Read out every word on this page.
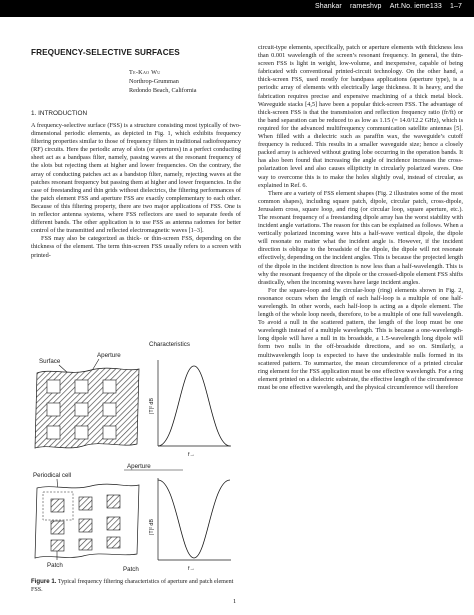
Shankar rameshvp Art.No. ieme133 1–7
FREQUENCY-SELECTIVE SURFACES
Te-Kao Wu
Northrop-Grumman
Redondo Beach, California
1. INTRODUCTION

A frequency-selective surface (FSS) is a structure consisting most typically of two-dimensional periodic elements, as depicted in Fig. 1, which exhibits frequency filtering properties similar to those of frequency filters in traditional radiofrequency (RF) circuits. Here the periodic array of slots (or apertures) in a perfect conducting sheet act as a bandpass filter, namely, passing waves at the resonant frequency of the slots but rejecting them at higher and lower frequencies. On the contrary, the array of conducting patches act as a bandstop filter, namely, rejecting waves at the patches resonant frequency but passing them at higher and lower frequencies. In the case of freestanding and thin grids without dielectrics, the filtering performances of the patch element FSS and aperture FSS are exactly complementary to each other. Because of this filtering property, there are two major applications of FSS. One is in reflector antenna systems, where FSS reflectors are used to separate feeds of different bands. The other application is to use FSS as antenna radomes for better control of the transmitted and reflected electromagnetic waves [1–3].

FSS may also be categorized as thick- or thin-screen FSS, depending on the thickness of the element. The term thin-screen FSS usually refers to a screen with printed-

Characteristics
Surface
Aperture
|T|² dB
f→
Periodical cell
Aperture
Patch
Patch
|T|² dB
f→
Figure 1. Typical frequency filtering characteristics of aperture and patch element FSS.

circuit-type elements, specifically, patch or aperture elements with thickness less than 0.001 wavelength of the screen’s resonant frequency. In general, the thin-screen FSS is light in weight, low-volume, and inexpensive, capable of being fabricated with conventional printed-circuit technology. On the other hand, a thick-screen FSS, used mostly for bandpass applications (aperture type), is a periodic array of elements with electrically large thickness. It is heavy, and the fabrication requires precise and expensive machining of a thick metal block. Waveguide stacks [4,5] have been a popular thick-screen FSS. The advantage of thick-screen FSS is that the transmission and reflection frequency ratio (fr/ft) or the band separation can be reduced to as low as 1.15 (= 14.0/12.2 GHz), which is required for the advanced multifrequency communication satellite antennas [5]. When filled with a dielectric such as paraffin wax, the waveguide’s cutoff frequency is reduced. This results in a smaller waveguide size; hence a closely packed array is achieved without grating lobe occurring in the operation bands. It has also been found that increasing the angle of incidence increases the cross-polarization level and also causes ellipticity in circularly polarized waves. One way to overcome this is to make the holes slightly oval, instead of circular, as explained in Ref. 6.

There are a variety of FSS element shapes (Fig. 2 illustrates some of the most common shapes), including square patch, dipole, circular patch, cross-dipole, Jerusalem cross, square loop, and ring (or circular loop, square aperture, etc.). The resonant frequency of a freestanding dipole array has the worst stability with incident angle variations. The reason for this can be explained as follows. When a vertically polarized incoming wave hits a half-wave vertical dipole, the dipole will resonate no matter what the incident angle is. However, if the incident direction is oblique to the broadside of the dipole, the dipole will not resonate effectively, depending on the incident angles. This is because the projected length of the dipole in the incident direction is now less than a half-wavelength. This is why the resonant frequency of the dipole or the crossed-dipole element FSS shifts drastically, when the incoming waves have large incident angles.

For the square-loop and the circular-loop (ring) elements shown in Fig. 2, resonance occurs when the length of each half-loop is a multiple of one half-wavelength. In other words, each half-loop is acting as a dipole element. The length of the whole loop needs, therefore, to be a multiple of one full wavelength. To avoid a null in the scattered pattern, the length of the loop must be one wavelength instead of a multiple wavelength. This is because a one-wavelength-long dipole will have a null in its broadside, a 1.5-wavelength long dipole will form two nulls in the off-broadside directions, and so on. Similarly, a multiwavelength loop is expected to have the undesirable nulls formed in its scattered pattern. To summarize, the mean circumference of a printed circular ring element for the FSS application must be one effective wavelength. For a ring element printed on a dielectric substrate, the effective length of the circumference must be one effective wavelength, and the physical circumference will therefore

1
